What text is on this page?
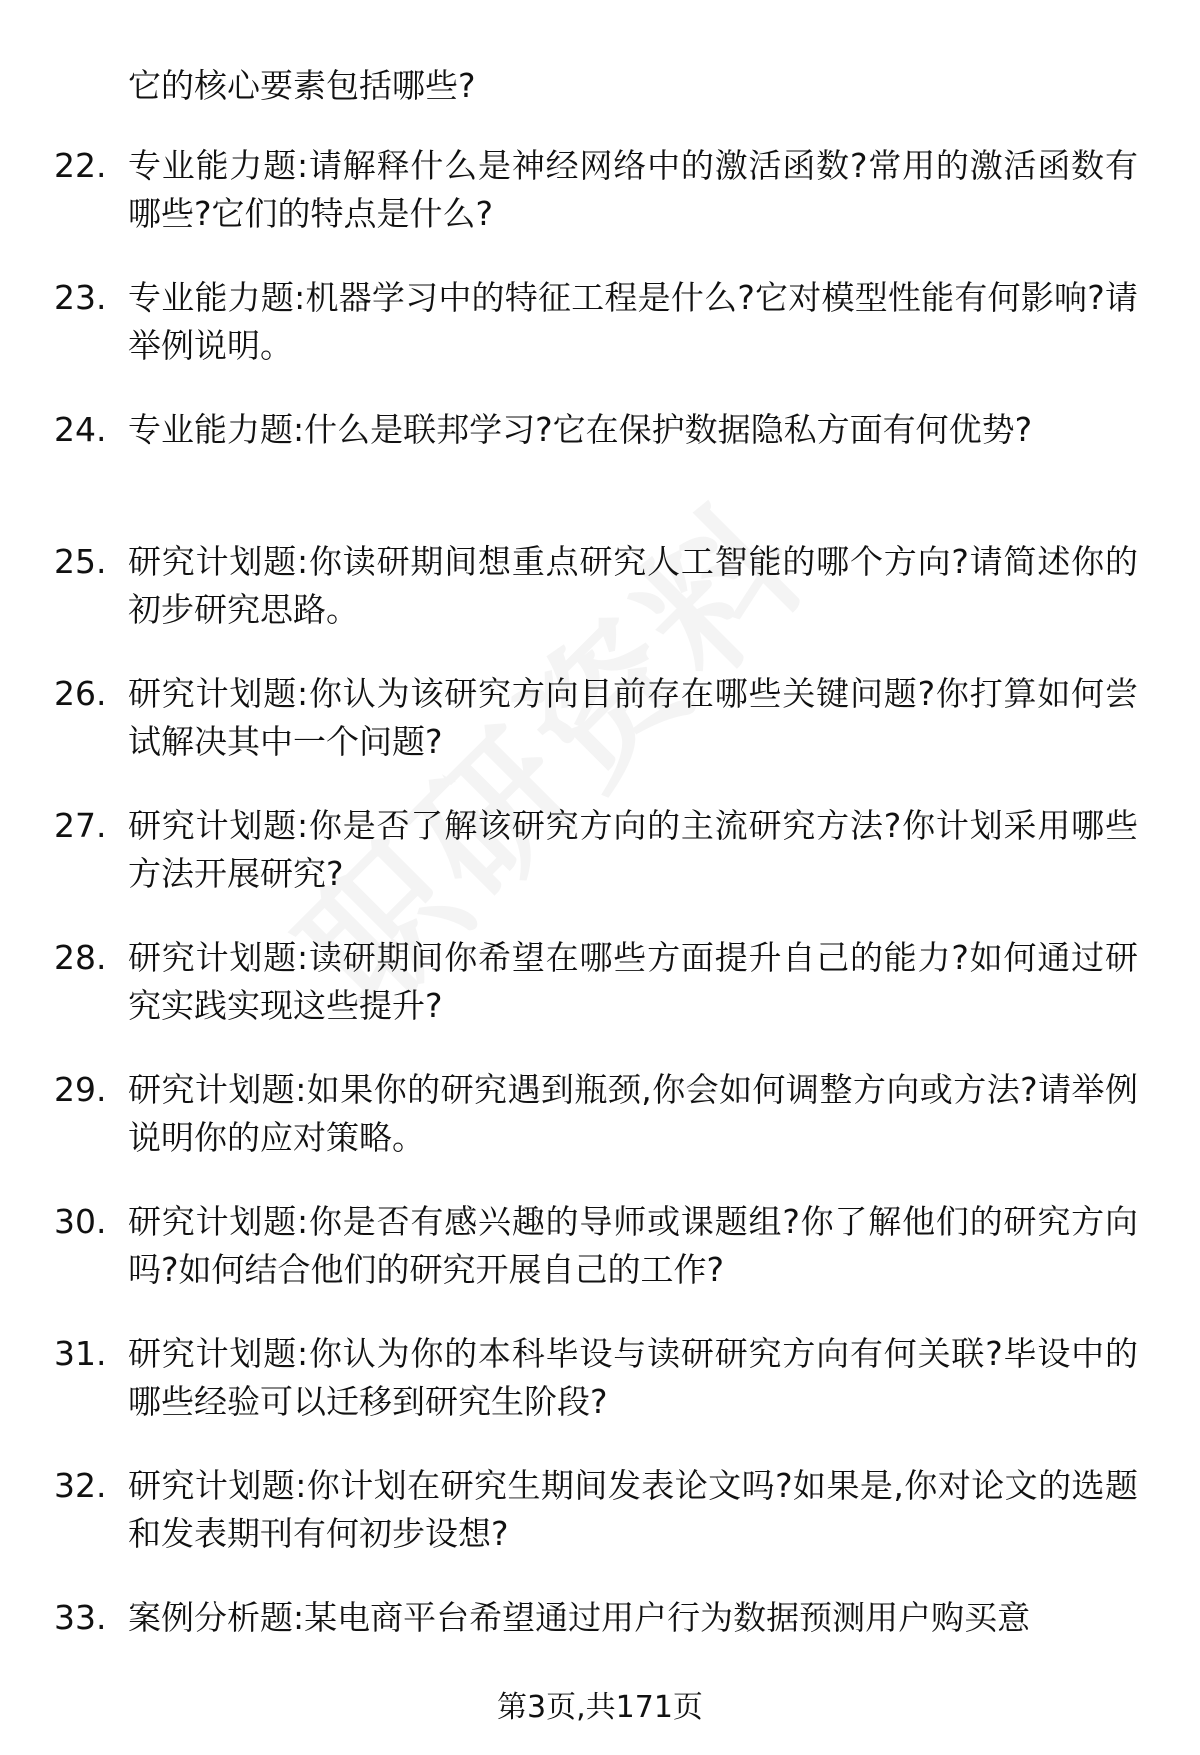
它的核心要素包括哪些?
22. 专业能力题:请解释什么是神经网络中的激活函数?常用的激活函数有哪些?它们的特点是什么?
23. 专业能力题:机器学习中的特征工程是什么?它对模型性能有何影响?请举例说明。
24. 专业能力题:什么是联邦学习?它在保护数据隐私方面有何优势?
25. 研究计划题:你读研期间想重点研究人工智能的哪个方向?请简述你的初步研究思路。
26. 研究计划题:你认为该研究方向目前存在哪些关键问题?你打算如何尝试解决其中一个问题?
27. 研究计划题:你是否了解该研究方向的主流研究方法?你计划采用哪些方法开展研究?
28. 研究计划题:读研期间你希望在哪些方面提升自己的能力?如何通过研究实践实现这些提升?
29. 研究计划题:如果你的研究遇到瓶颈,你会如何调整方向或方法?请举例说明你的应对策略。
30. 研究计划题:你是否有感兴趣的导师或课题组?你了解他们的研究方向吗?如何结合他们的研究开展自己的工作?
31. 研究计划题:你认为你的本科毕设与读研研究方向有何关联?毕设中的哪些经验可以迁移到研究生阶段?
32. 研究计划题:你计划在研究生期间发表论文吗?如果是,你对论文的选题和发表期刊有何初步设想?
33. 案例分析题:某电商平台希望通过用户行为数据预测用户购买意
第3页,共171页
